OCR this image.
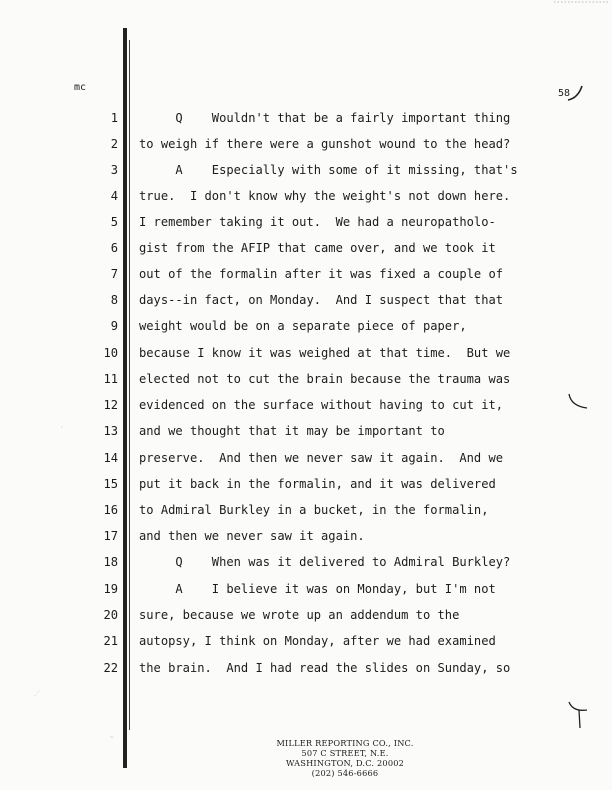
mc
58
1 Q    Wouldn't that be a fairly important thing
2 to weigh if there were a gunshot wound to the head?
3 A    Especially with some of it missing, that's
4 true.  I don't know why the weight's not down here.
5 I remember taking it out.  We had a neuropatholo-
6 gist from the AFIP that came over, and we took it
7 out of the formalin after it was fixed a couple of
8 days--in fact, on Monday.  And I suspect that that
9 weight would be on a separate piece of paper,
10 because I know it was weighed at that time.  But we
11 elected not to cut the brain because the trauma was
12 evidenced on the surface without having to cut it,
13 and we thought that it may be important to
14 preserve.  And then we never saw it again.  And we
15 put it back in the formalin, and it was delivered
16 to Admiral Burkley in a bucket, in the formalin,
17 and then we never saw it again.
18 Q    When was it delivered to Admiral Burkley?
19 A    I believe it was on Monday, but I'm not
20 sure, because we wrote up an addendum to the
21 autopsy, I think on Monday, after we had examined
22 the brain.  And I had read the slides on Sunday, so
⋰
⋯
·
MILLER REPORTING CO., INC.
507 C STREET, N.E.
WASHINGTON, D.C. 20002
(202) 546-6666
